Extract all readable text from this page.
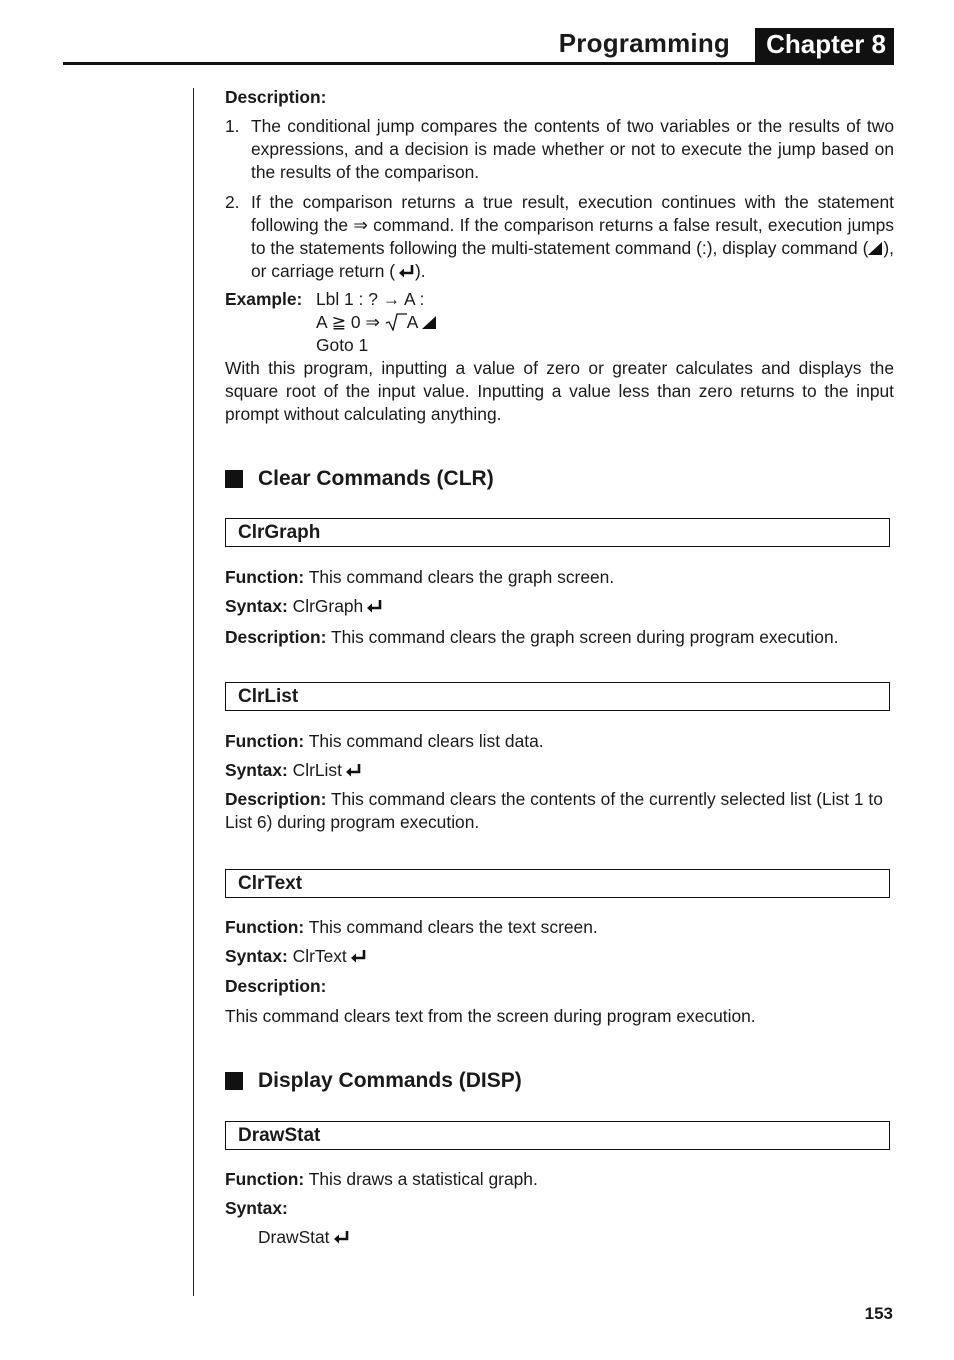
Programming	Chapter 8
Description:
1. The conditional jump compares the contents of two variables or the results of two expressions, and a decision is made whether or not to execute the jump based on the results of the comparison.
2. If the comparison returns a true result, execution continues with the statement following the ⇒ command. If the comparison returns a false result, execution jumps to the statements following the multi-statement command (:), display command ( ), or carriage return ( ).
Example: Lbl 1 : ? → A :
A ≧ 0 ⇒ A
Goto 1
With this program, inputting a value of zero or greater calculates and displays the square root of the input value. Inputting a value less than zero returns to the input prompt without calculating anything.
Clear Commands (CLR)
ClrGraph
Function: This command clears the graph screen.
Syntax: ClrGraph
Description: This command clears the graph screen during program execution.
ClrList
Function: This command clears list data.
Syntax: ClrList
Description: This command clears the contents of the currently selected list (List 1 to List 6) during program execution.
ClrText
Function: This command clears the text screen.
Syntax: ClrText
Description:
This command clears text from the screen during program execution.
Display Commands (DISP)
DrawStat
Function: This draws a statistical graph.
Syntax:
DrawStat
153
